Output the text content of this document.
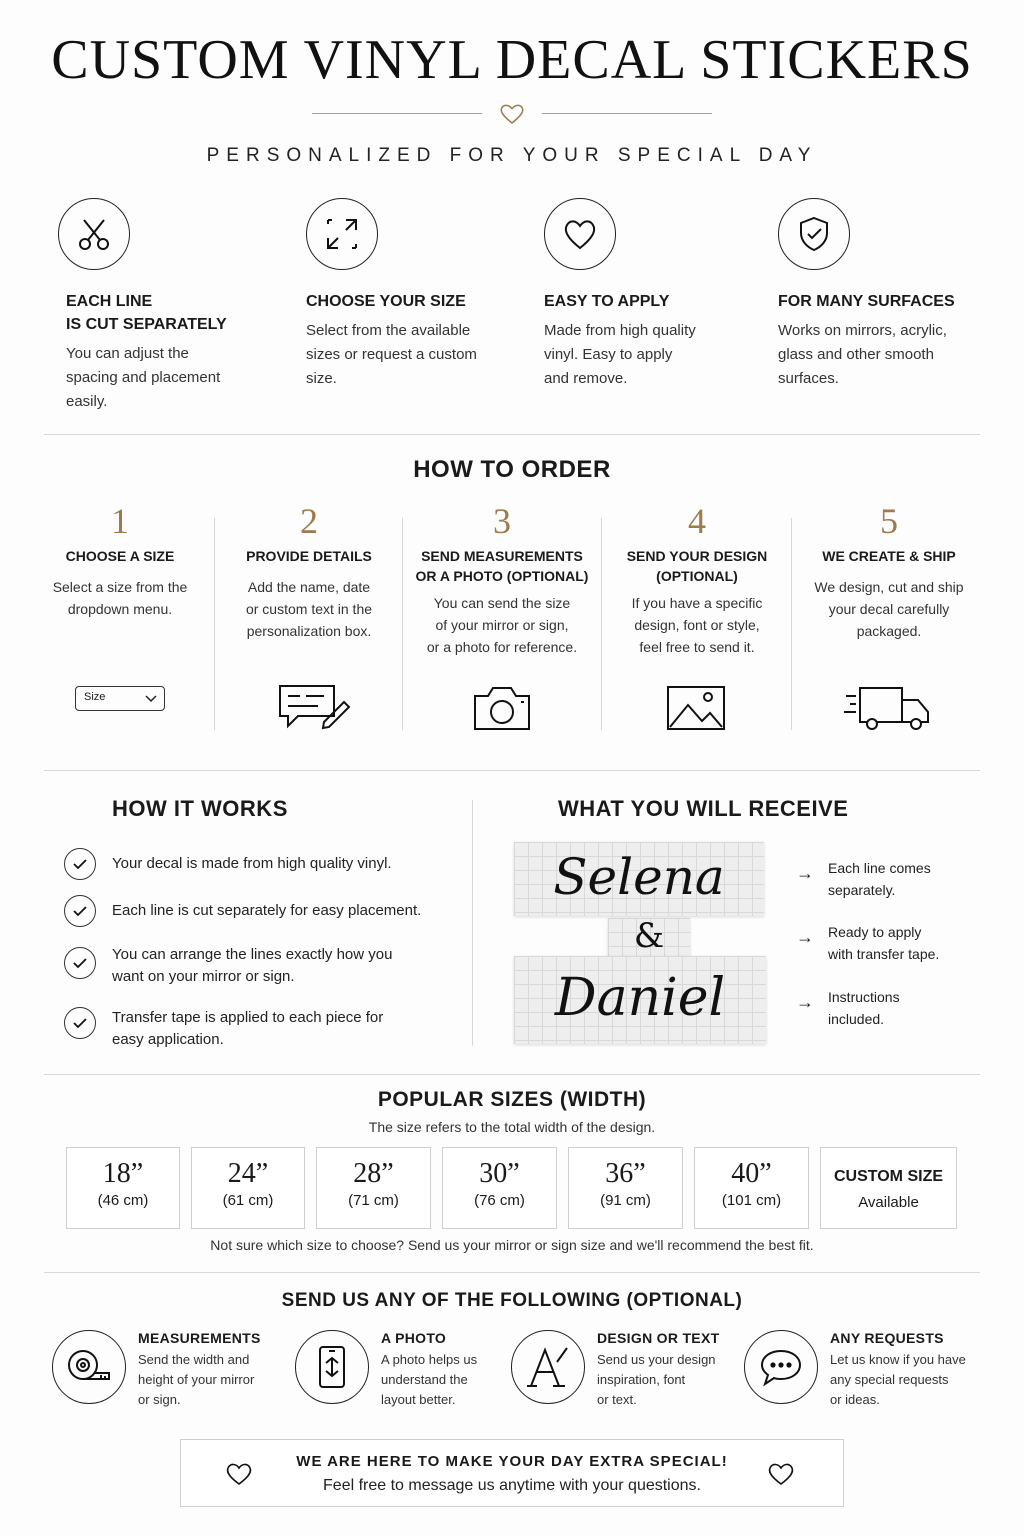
CUSTOM VINYL DECAL STICKERS
PERSONALIZED FOR YOUR SPECIAL DAY
EACH LINE
IS CUT SEPARATELY

You can adjust the
spacing and placement
easily.

CHOOSE YOUR SIZE

Select from the available
sizes or request a custom
size.

EASY TO APPLY

Made from high quality
vinyl. Easy to apply
and remove.

FOR MANY SURFACES

Works on mirrors, acrylic,
glass and other smooth
surfaces.

HOW TO ORDER
1
CHOOSE A SIZE

Select a size from the
dropdown menu.

2
PROVIDE DETAILS

Add the name, date
or custom text in the
personalization box.

3
SEND MEASUREMENTS
OR A PHOTO (OPTIONAL)

You can send the size
of your mirror or sign,
or a photo for reference.

4
SEND YOUR DESIGN
(OPTIONAL)

If you have a specific
design, font or style,
feel free to send it.

5
WE CREATE & SHIP

We design, cut and ship
your decal carefully
packaged.

Size
HOW IT WORKS
Your decal is made from high quality vinyl.
Each line is cut separately for easy placement.
You can arrange the lines exactly how you
want on your mirror or sign.
Transfer tape is applied to each piece for
easy application.
WHAT YOU WILL RECEIVE
Selena
&
Daniel
→	Each line comes
separately.
→	Ready to apply
with transfer tape.
→	Instructions
included.
POPULAR SIZES (WIDTH)
The size refers to the total width of the design.
18”
(46 cm)
24”
(61 cm)
28”
(71 cm)
30”
(76 cm)
36”
(91 cm)
40”
(101 cm)
CUSTOM SIZE
Available
Not sure which size to choose? Send us your mirror or sign size and we'll recommend the best fit.
SEND US ANY OF THE FOLLOWING (OPTIONAL)
MEASUREMENTS

Send the width and
height of your mirror
or sign.

A PHOTO

A photo helps us
understand the
layout better.

DESIGN OR TEXT

Send us your design
inspiration, font
or text.

ANY REQUESTS

Let us know if you have
any special requests
or ideas.

WE ARE HERE TO MAKE YOUR DAY EXTRA SPECIAL!
Feel free to message us anytime with your questions.
